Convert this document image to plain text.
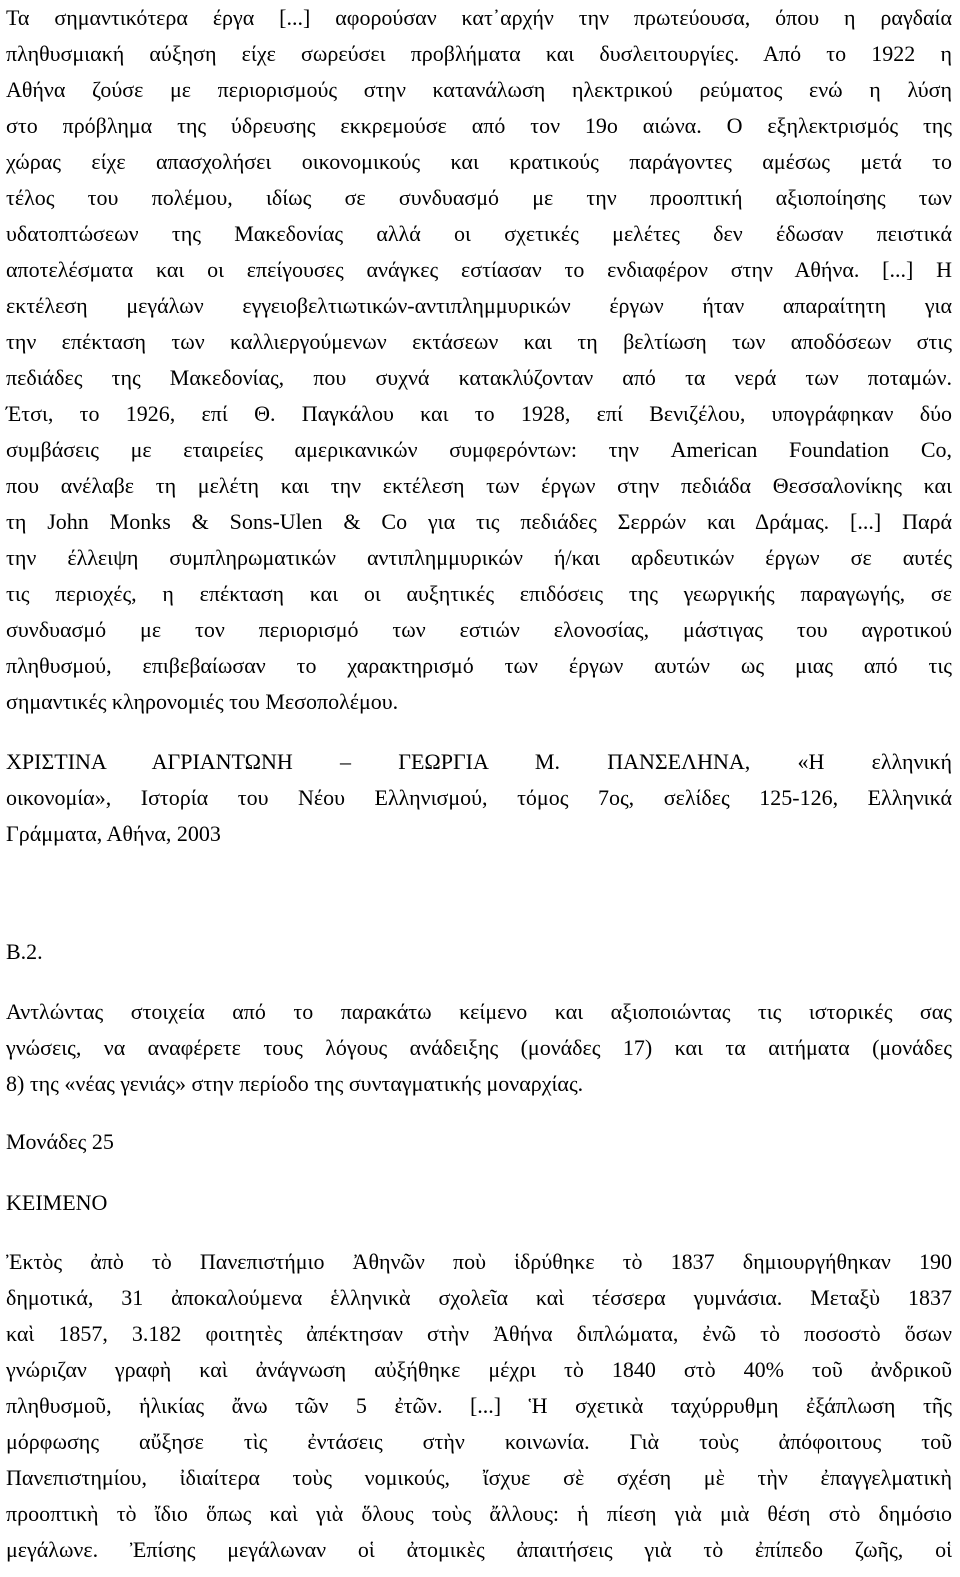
Τα σημαντικότερα έργα [...] αφορούσαν κατ᾽αρχήν την πρωτεύουσα, όπου η ραγδαία
πληθυσμιακή αύξηση είχε σωρεύσει προβλήματα και δυσλειτουργίες. Από το 1922 η
Αθήνα ζούσε με περιορισμούς στην κατανάλωση ηλεκτρικού ρεύματος ενώ η λύση
στο πρόβλημα της ύδρευσης εκκρεμούσε από τον 19ο αιώνα. Ο εξηλεκτρισμός της
χώρας είχε απασχολήσει οικονομικούς και κρατικούς παράγοντες αμέσως μετά το
τέλος του πολέμου, ιδίως σε συνδυασμό με την προοπτική αξιοποίησης των
υδατοπτώσεων της Μακεδονίας αλλά οι σχετικές μελέτες δεν έδωσαν πειστικά
αποτελέσματα και οι επείγουσες ανάγκες εστίασαν το ενδιαφέρον στην Αθήνα. [...] Η
εκτέλεση μεγάλων εγγειοβελτιωτικών-αντιπλημμυρικών έργων ήταν απαραίτητη για
την επέκταση των καλλιεργούμενων εκτάσεων και τη βελτίωση των αποδόσεων στις
πεδιάδες της Μακεδονίας, που συχνά κατακλύζονταν από τα νερά των ποταμών.
Έτσι, το 1926, επί Θ. Παγκάλου και το 1928, επί Βενιζέλου, υπογράφηκαν δύο
συμβάσεις με εταιρείες αμερικανικών συμφερόντων: την American Foundation Co,
που ανέλαβε τη μελέτη και την εκτέλεση των έργων στην πεδιάδα Θεσσαλονίκης και
τη John Monks & Sons-Ulen & Co για τις πεδιάδες Σερρών και Δράμας. [...] Παρά
την έλλειψη συμπληρωματικών αντιπλημμυρικών ή/και αρδευτικών έργων σε αυτές
τις περιοχές, η επέκταση και οι αυξητικές επιδόσεις της γεωργικής παραγωγής, σε
συνδυασμό με τον περιορισμό των εστιών ελονοσίας, μάστιγας του αγροτικού
πληθυσμού, επιβεβαίωσαν το χαρακτηρισμό των έργων αυτών ως μιας από τις
σημαντικές κληρονομιές του Μεσοπολέμου.
ΧΡΙΣΤΙΝΑ ΑΓΡΙΑΝΤΩΝΗ – ΓΕΩΡΓΙΑ Μ. ΠΑΝΣΕΛΗΝΑ, «Η ελληνική
οικονομία», Ιστορία του Νέου Ελληνισμού, τόμος 7ος, σελίδες 125-126, Ελληνικά
Γράμματα, Αθήνα, 2003
Β.2.
Αντλώντας στοιχεία από το παρακάτω κείμενο και αξιοποιώντας τις ιστορικές σας
γνώσεις, να αναφέρετε τους λόγους ανάδειξης (μονάδες 17) και τα αιτήματα (μονάδες
8) της «νέας γενιάς» στην περίοδο της συνταγματικής μοναρχίας.
Μονάδες 25
ΚΕΙΜΕΝΟ
Ἐκτὸς ἀπὸ τὸ Πανεπιστήμιο Ἀθηνῶν ποὺ ἱδρύθηκε τὸ 1837 δημιουργήθηκαν 190
δημοτικά, 31 ἀποκαλούμενα ἑλληνικὰ σχολεῖα καὶ τέσσερα γυμνάσια. Μεταξὺ 1837
καὶ 1857, 3.182 φοιτητὲς ἀπέκτησαν στὴν Ἀθήνα διπλώματα, ἐνῶ τὸ ποσοστὸ ὅσων
γνώριζαν γραφὴ καὶ ἀνάγνωση αὐξήθηκε μέχρι τὸ 1840 στὸ 40% τοῦ ἀνδρικοῦ
πληθυσμοῦ, ἡλικίας ἄνω τῶν 5 ἐτῶν. [...] Ἡ σχετικὰ ταχύρρυθμη ἐξάπλωση τῆς
μόρφωσης αὔξησε τὶς ἐντάσεις στὴν κοινωνία. Γιὰ τοὺς ἀπόφοιτους τοῦ
Πανεπιστημίου, ἰδιαίτερα τοὺς νομικούς, ἴσχυε σὲ σχέση μὲ τὴν ἐπαγγελματικὴ
προοπτικὴ τὸ ἴδιο ὅπως καὶ γιὰ ὅλους τοὺς ἄλλους: ἡ πίεση γιὰ μιὰ θέση στὸ δημόσιο
μεγάλωνε. Ἐπίσης μεγάλωναν οἱ ἀτομικὲς ἀπαιτήσεις γιὰ τὸ ἐπίπεδο ζωῆς, οἱ
